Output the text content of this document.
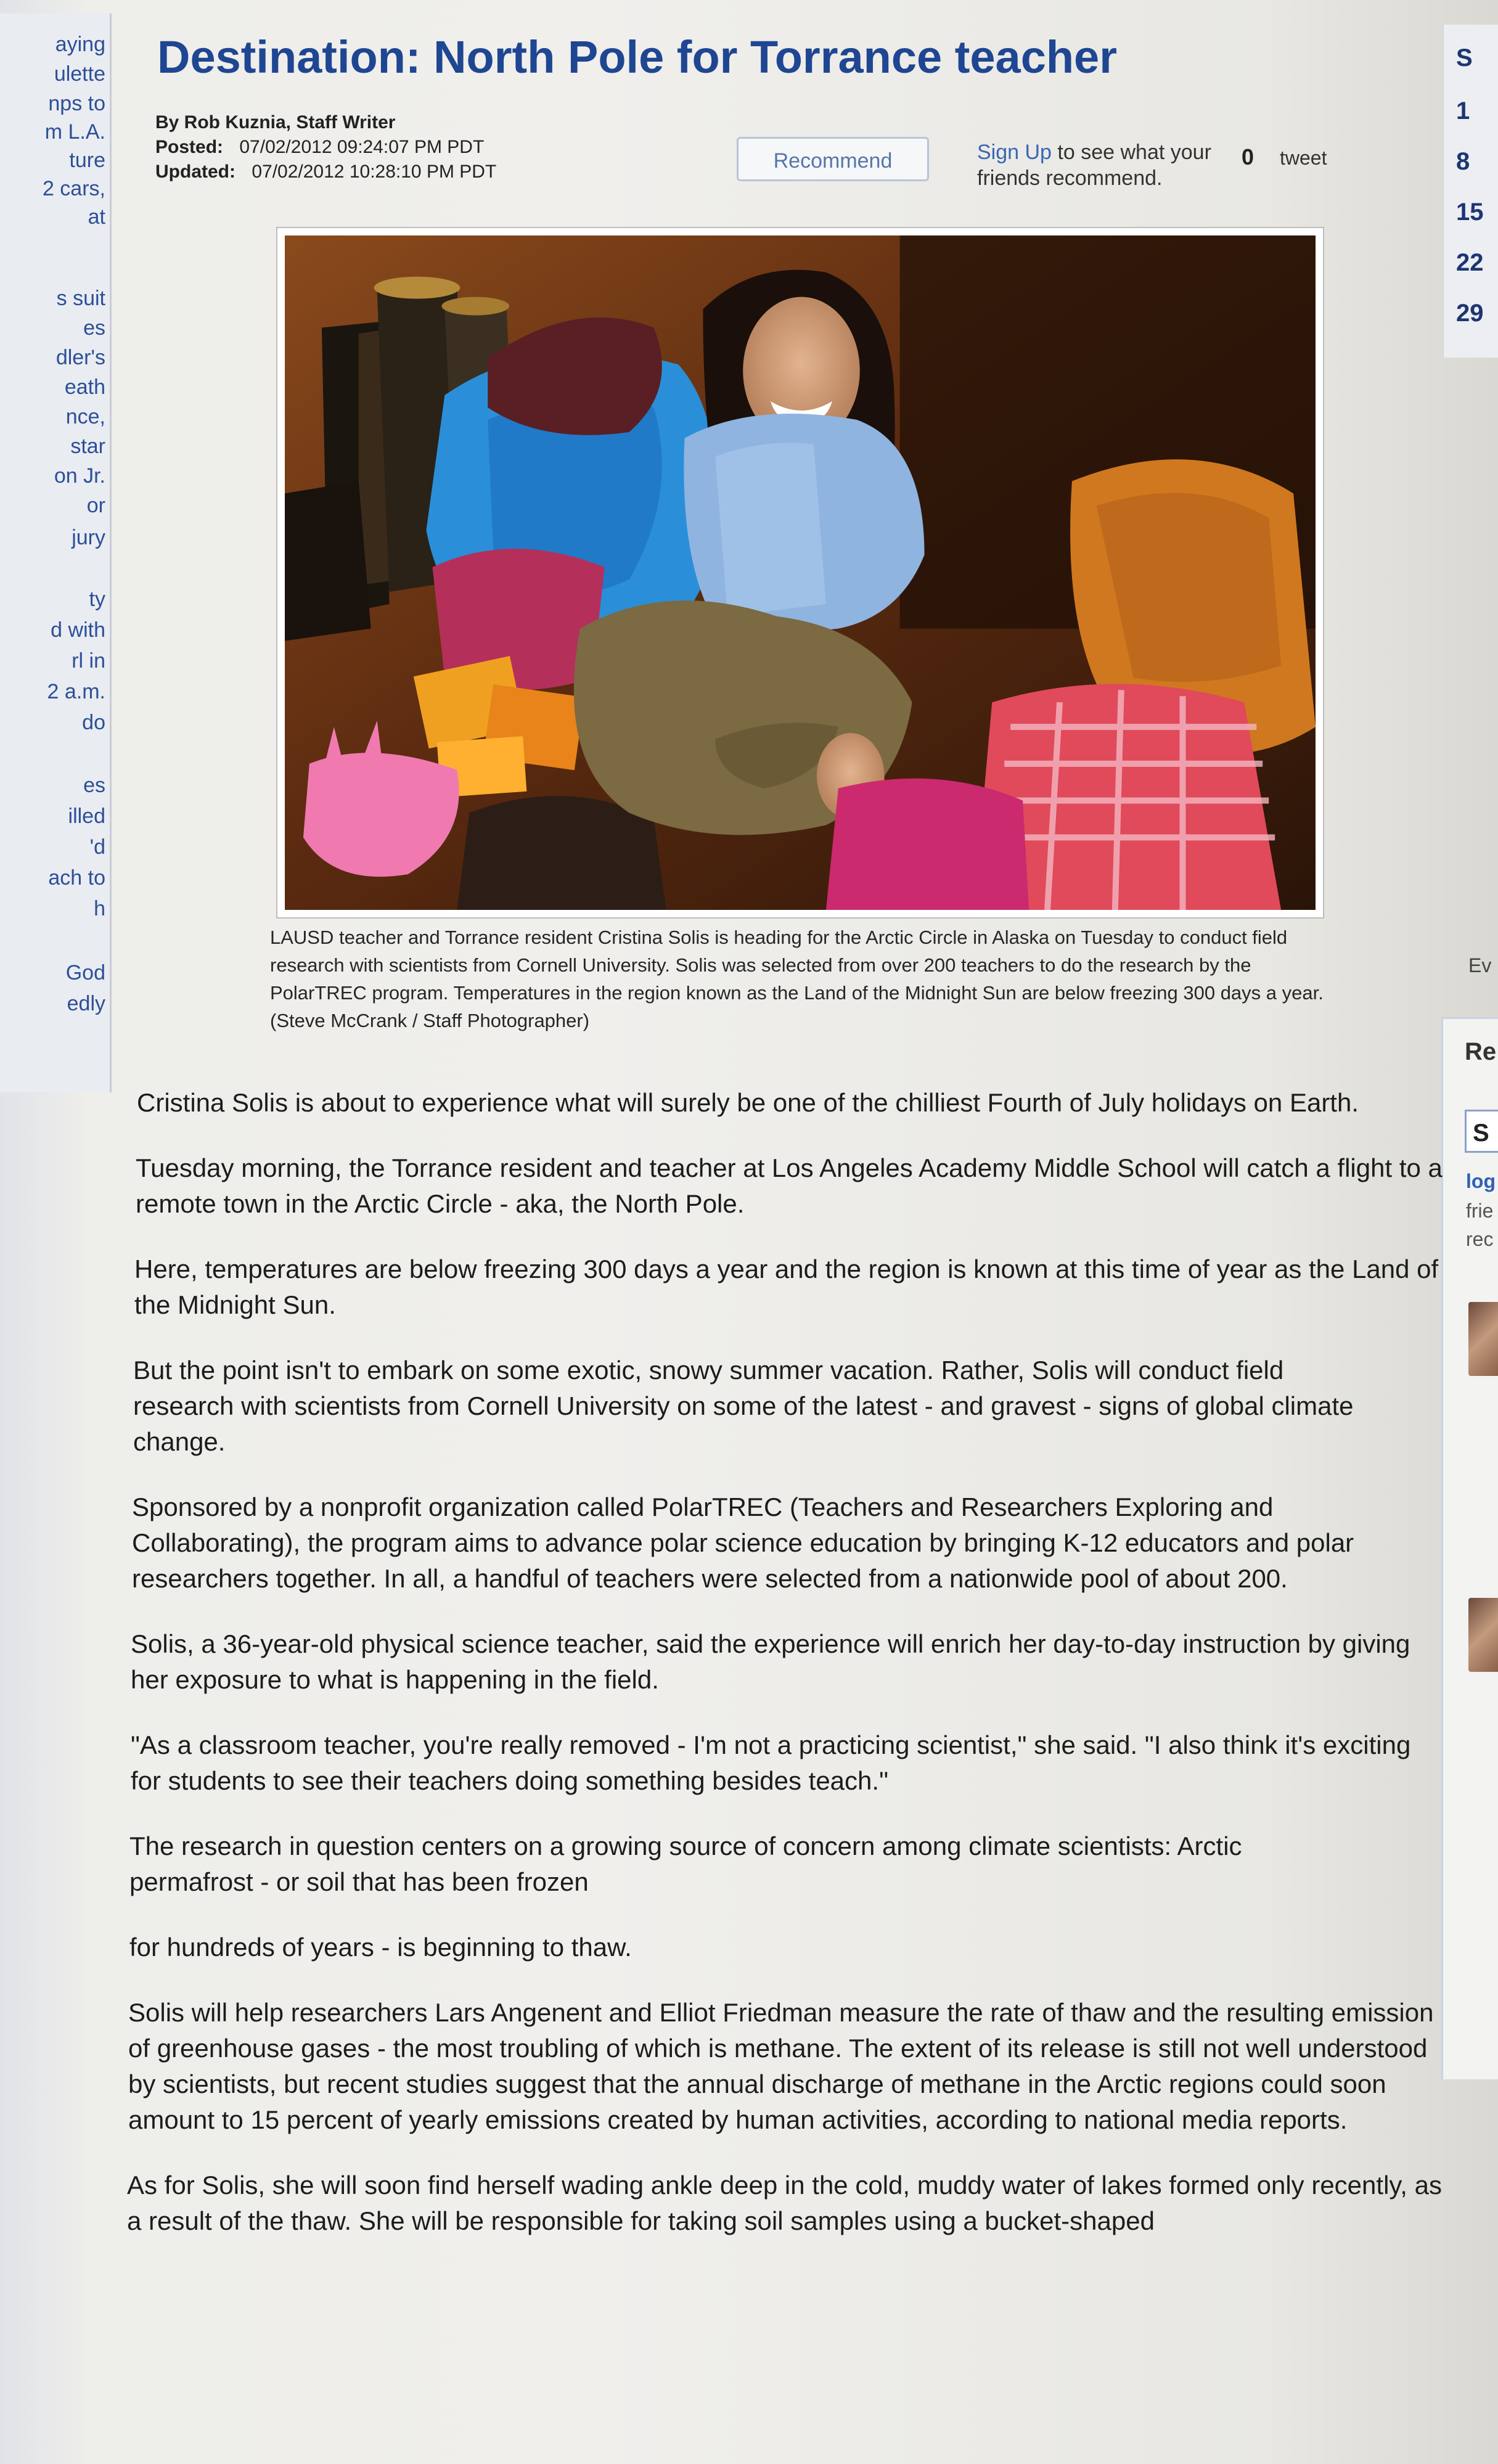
aying
ulette
nps to
m L.A.
ture
2 cars,
at
s suit
es
dler's
eath
nce,
star
on Jr.
or
jury
ty
d with
rl in
2 a.m.
do
es
illed
'd
ach to
h
God
edly
S
1
8
15
22
29
Ev
Re
S
log
frie
rec
Destination: North Pole for Torrance teacher
By Rob Kuznia, Staff Writer
Posted: 07/02/2012 09:24:07 PM PDT
Updated: 07/02/2012 10:28:10 PM PDT	Recommend	Sign Up to see what your friends recommend.
0 tweet
LAUSD teacher and Torrance resident Cristina Solis is heading for the Arctic Circle in Alaska on Tuesday to conduct field research with scientists from Cornell University. Solis was selected from over 200 teachers to do the research by the PolarTREC program. Temperatures in the region known as the Land of the Midnight Sun are below freezing 300 days a year. (Steve McCrank / Staff Photographer)

Cristina Solis is about to experience what will surely be one of the chilliest Fourth of July holidays on Earth.

Tuesday morning, the Torrance resident and teacher at Los Angeles Academy Middle School will catch a flight to a remote town in the Arctic Circle - aka, the North Pole.

Here, temperatures are below freezing 300 days a year and the region is known at this time of year as the Land of the Midnight Sun.

But the point isn't to embark on some exotic, snowy summer vacation. Rather, Solis will conduct field research with scientists from Cornell University on some of the latest - and gravest - signs of global climate change.

Sponsored by a nonprofit organization called PolarTREC (Teachers and Researchers Exploring and Collaborating), the program aims to advance polar science education by bringing K-12 educators and polar researchers together. In all, a handful of teachers were selected from a nationwide pool of about 200.

Solis, a 36-year-old physical science teacher, said the experience will enrich her day-to-day instruction by giving her exposure to what is happening in the field.

"As a classroom teacher, you're really removed - I'm not a practicing scientist," she said. "I also think it's exciting for students to see their teachers doing something besides teach."

The research in question centers on a growing source of concern among climate scientists: Arctic permafrost - or soil that has been frozen

for hundreds of years - is beginning to thaw.

Solis will help researchers Lars Angenent and Elliot Friedman measure the rate of thaw and the resulting emission of greenhouse gases - the most troubling of which is methane. The extent of its release is still not well understood by scientists, but recent studies suggest that the annual discharge of methane in the Arctic regions could soon amount to 15 percent of yearly emissions created by human activities, according to national media reports.

As for Solis, she will soon find herself wading ankle deep in the cold, muddy water of lakes formed only recently, as a result of the thaw. She will be responsible for taking soil samples using a bucket-shaped
